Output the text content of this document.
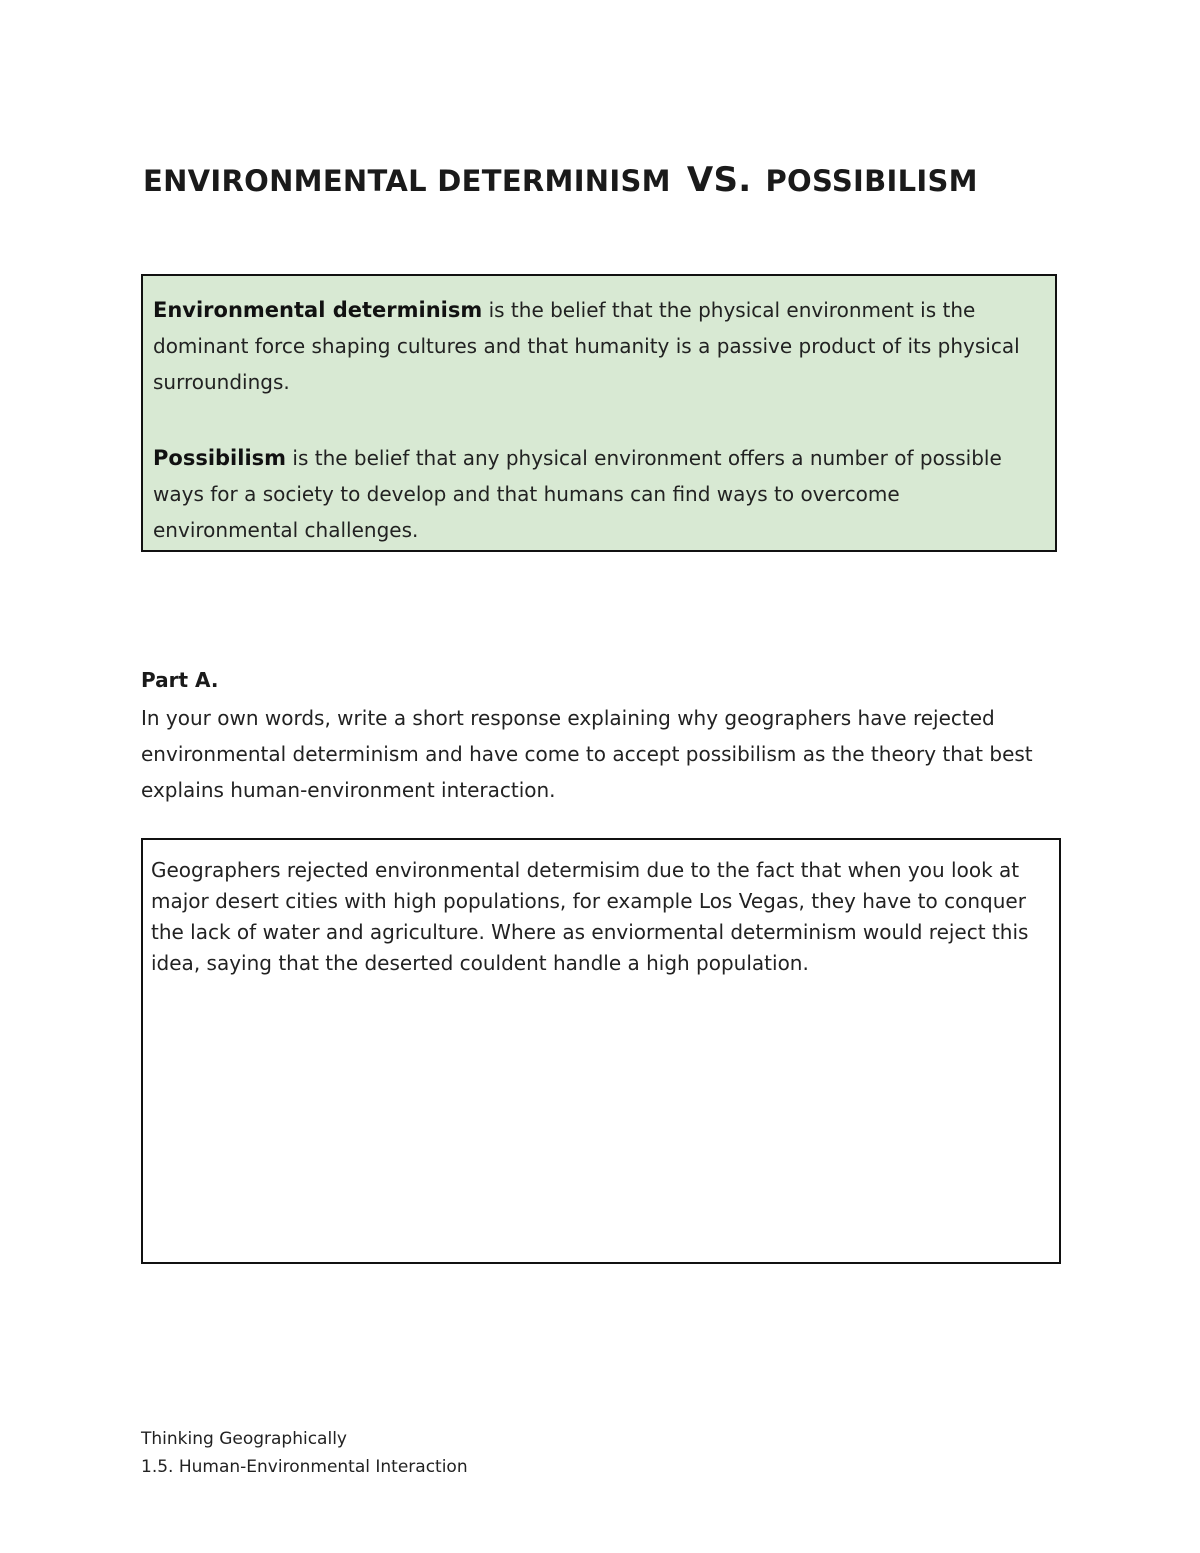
ENVIRONMENTAL DETERMINISM VS. POSSIBILISM

Environmental determinism is the belief that the physical environment is the dominant force shaping cultures and that humanity is a passive product of its physical surroundings.

Possibilism is the belief that any physical environment offers a number of possible ways for a society to develop and that humans can find ways to overcome environmental challenges.

Part A.
In your own words, write a short response explaining why geographers have rejected environmental determinism and have come to accept possibilism as the theory that best explains human-environment interaction.
Geographers rejected environmental determisim due to the fact that when you look at major desert cities with high populations, for example Los Vegas, they have to conquer the lack of water and agriculture. Where as enviormental determinism would reject this idea, saying that the deserted couldent handle a high population.
Thinking Geographically
1.5. Human-Environmental Interaction
